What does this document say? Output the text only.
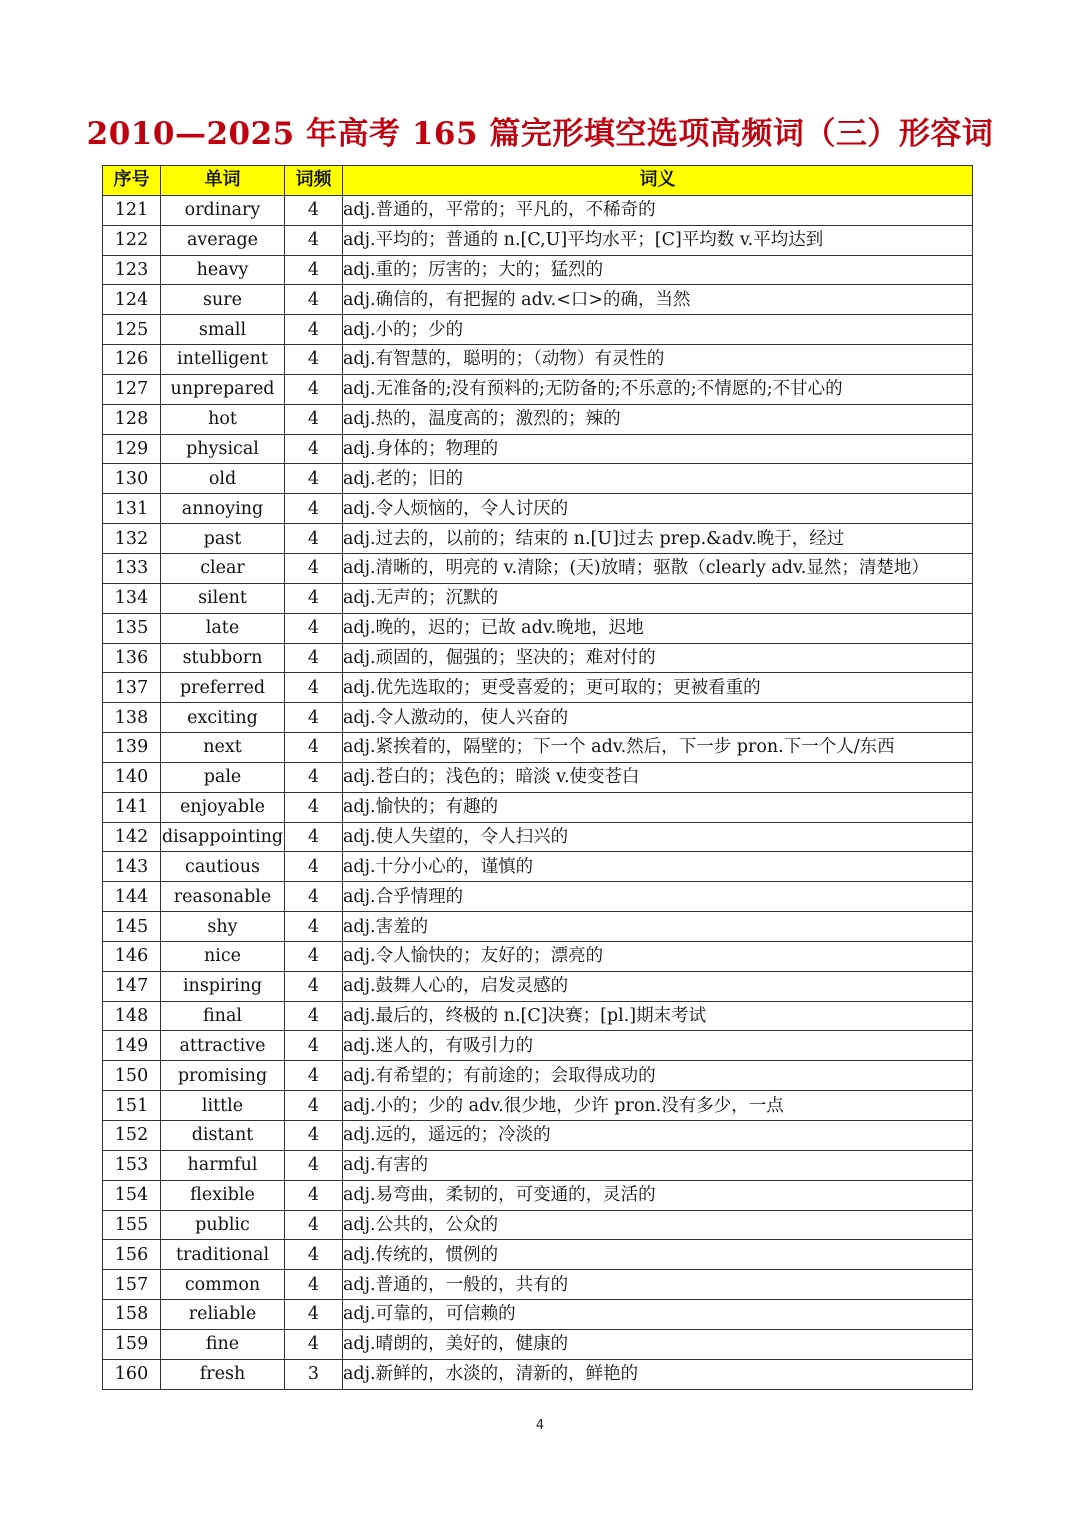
2010—2025 年高考 165 篇完形填空选项高频词（三）形容词
序号	单词	词频	词义
121	ordinary	4	adj.普通的，平常的；平凡的，不稀奇的
122	average	4	adj.平均的；普通的 n.[C,U]平均水平；[C]平均数 v.平均达到
123	heavy	4	adj.重的；厉害的；大的；猛烈的
124	sure	4	adj.确信的，有把握的 adv.<口>的确，当然
125	small	4	adj.小的；少的
126	intelligent	4	adj.有智慧的，聪明的；（动物）有灵性的
127	unprepared	4	adj.无准备的;没有预料的;无防备的;不乐意的;不情愿的;不甘心的
128	hot	4	adj.热的，温度高的；激烈的；辣的
129	physical	4	adj.身体的；物理的
130	old	4	adj.老的；旧的
131	annoying	4	adj.令人烦恼的，令人讨厌的
132	past	4	adj.过去的，以前的；结束的 n.[U]过去 prep.&adv.晚于，经过
133	clear	4	adj.清晰的，明亮的 v.清除；(天)放晴；驱散（clearly adv.显然；清楚地）
134	silent	4	adj.无声的；沉默的
135	late	4	adj.晚的，迟的；已故 adv.晚地，迟地
136	stubborn	4	adj.顽固的，倔强的；坚决的；难对付的
137	preferred	4	adj.优先选取的；更受喜爱的；更可取的；更被看重的
138	exciting	4	adj.令人激动的，使人兴奋的
139	next	4	adj.紧挨着的，隔壁的；下一个 adv.然后，下一步 pron.下一个人/东西
140	pale	4	adj.苍白的；浅色的；暗淡 v.使变苍白
141	enjoyable	4	adj.愉快的；有趣的
142	disappointing	4	adj.使人失望的，令人扫兴的
143	cautious	4	adj.十分小心的，谨慎的
144	reasonable	4	adj.合乎情理的
145	shy	4	adj.害羞的
146	nice	4	adj.令人愉快的；友好的；漂亮的
147	inspiring	4	adj.鼓舞人心的，启发灵感的
148	final	4	adj.最后的，终极的 n.[C]决赛；[pl.]期末考试
149	attractive	4	adj.迷人的，有吸引力的
150	promising	4	adj.有希望的；有前途的；会取得成功的
151	little	4	adj.小的；少的 adv.很少地，少许 pron.没有多少，一点
152	distant	4	adj.远的，遥远的；冷淡的
153	harmful	4	adj.有害的
154	flexible	4	adj.易弯曲，柔韧的，可变通的，灵活的
155	public	4	adj.公共的，公众的
156	traditional	4	adj.传统的，惯例的
157	common	4	adj.普通的，一般的，共有的
158	reliable	4	adj.可靠的，可信赖的
159	fine	4	adj.晴朗的，美好的，健康的
160	fresh	3	adj.新鲜的，水淡的，清新的，鲜艳的
4
